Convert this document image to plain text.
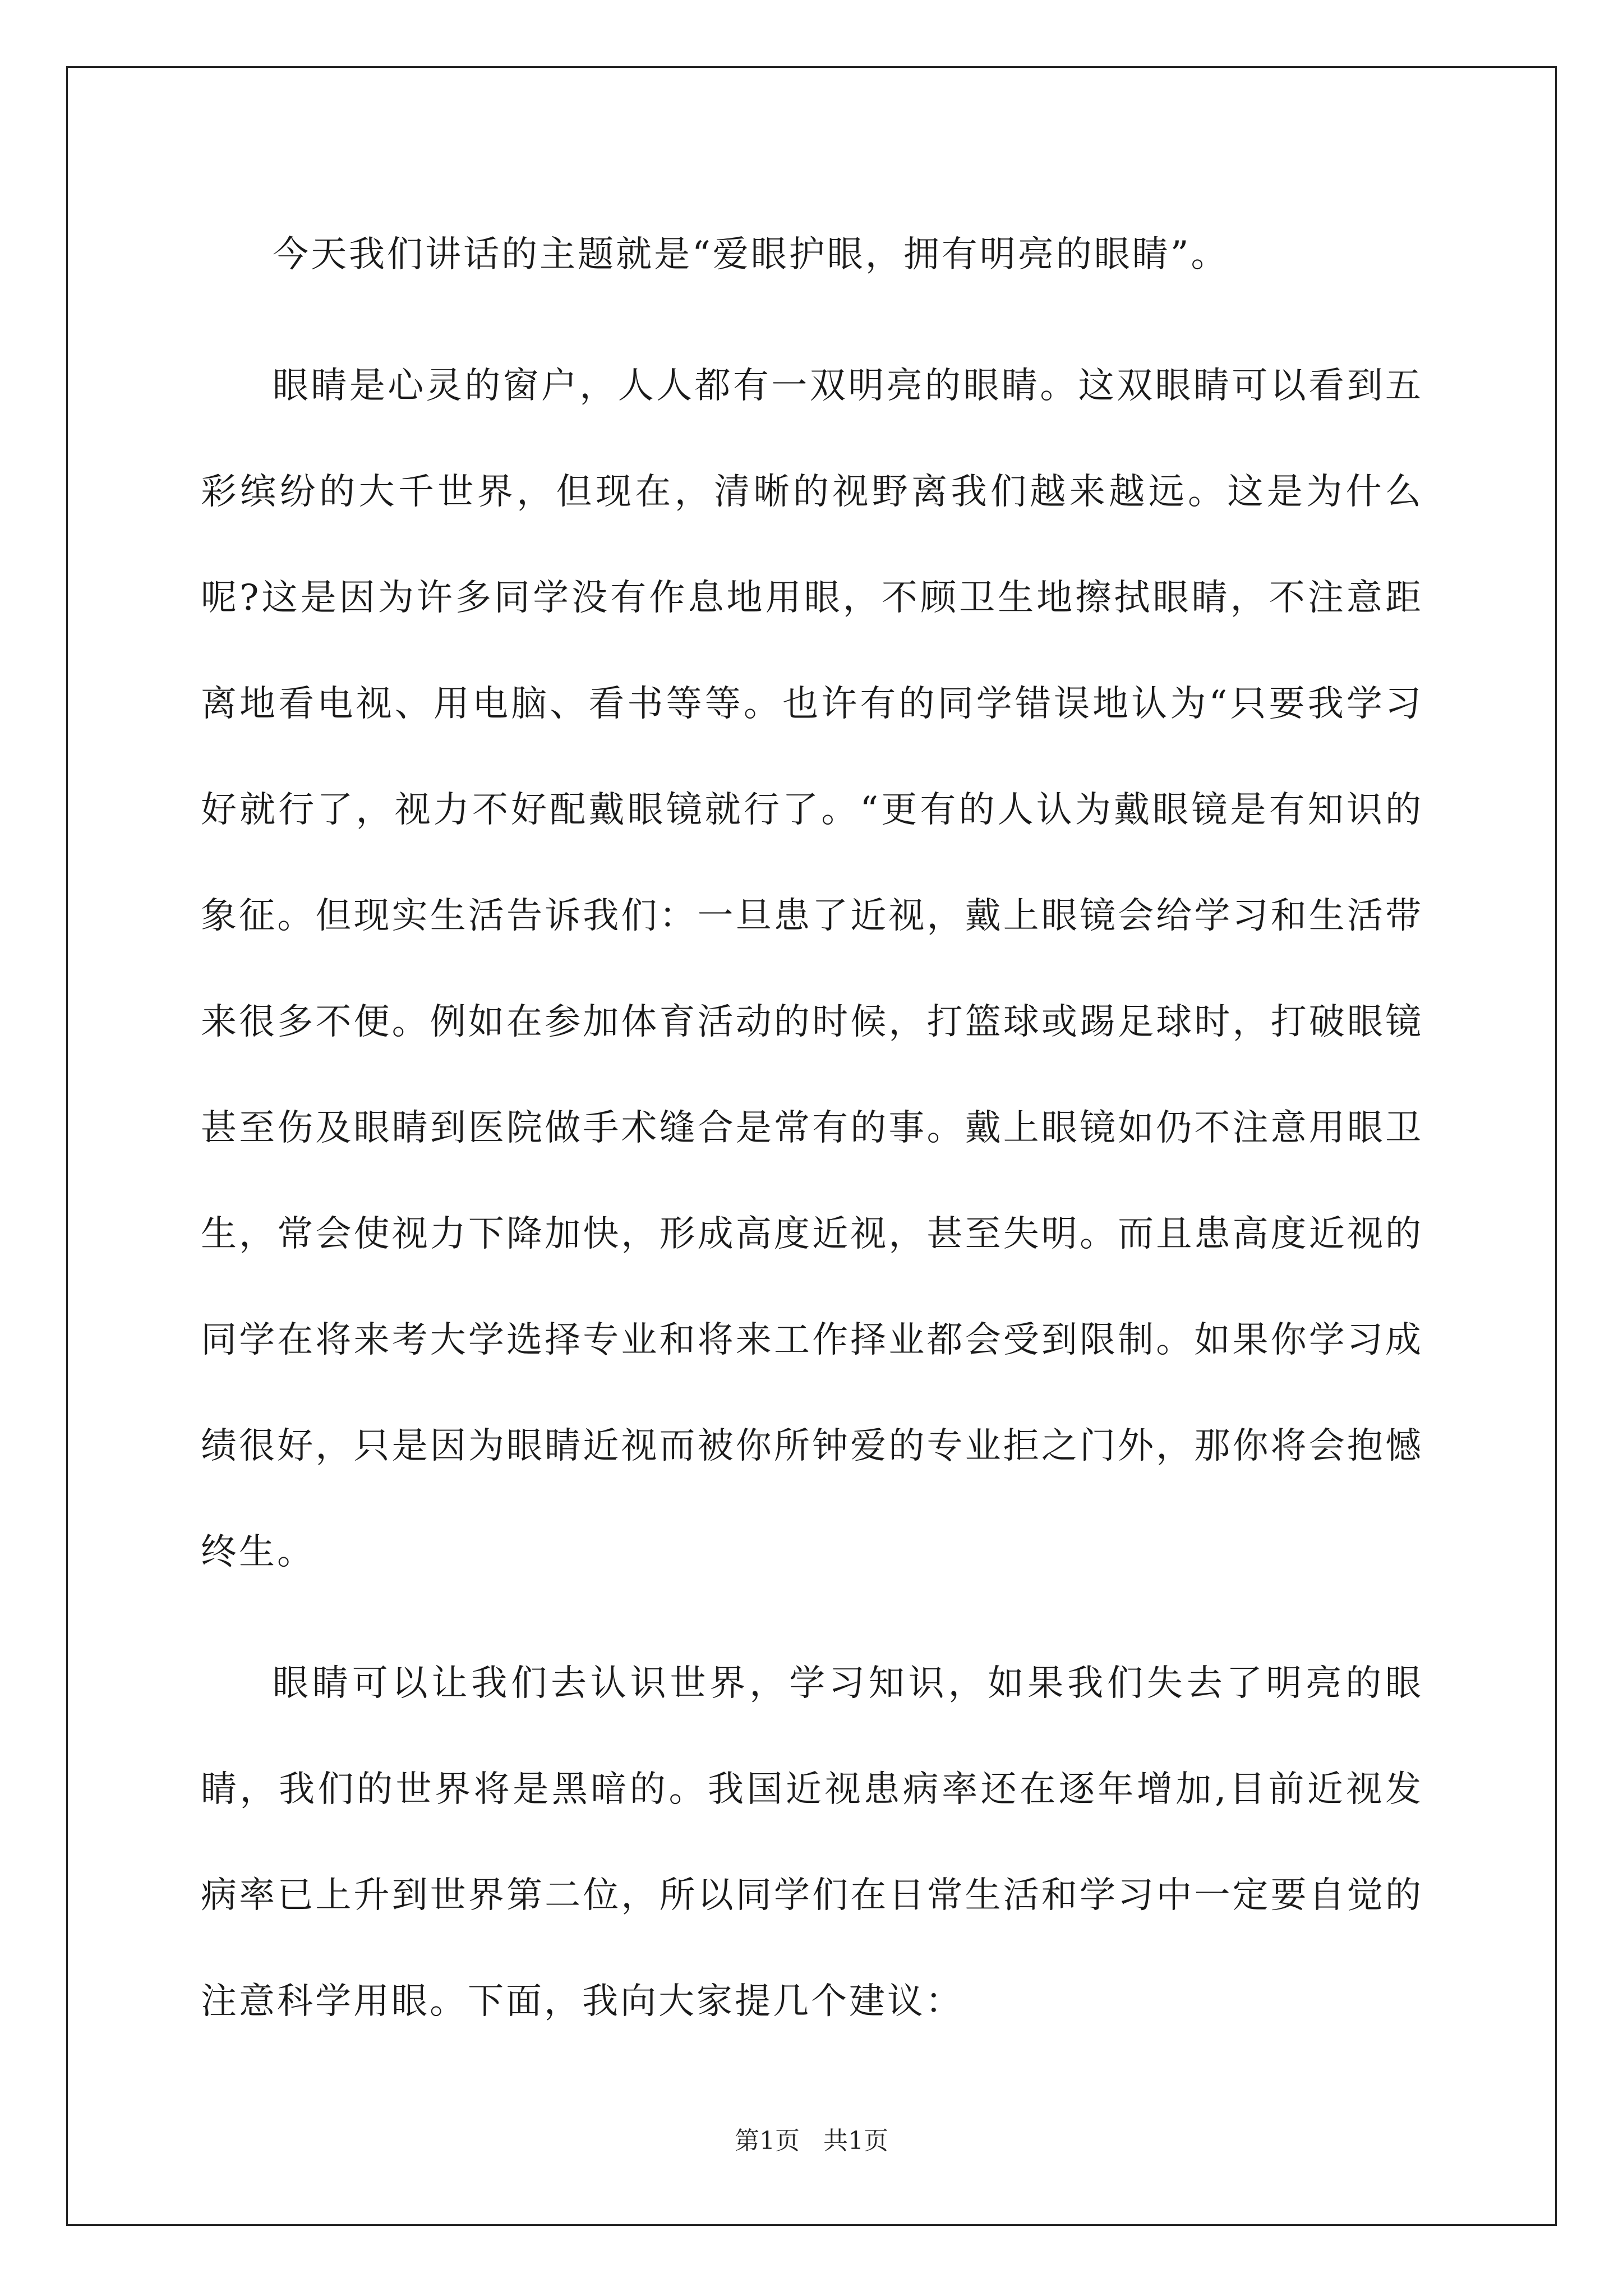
今天我们讲话的主题就是“爱眼护眼，拥有明亮的眼睛”。

眼睛是心灵的窗户，人人都有一双明亮的眼睛。这双眼睛可以看到五彩缤纷的大千世界，但现在，清晰的视野离我们越来越远。这是为什么呢?这是因为许多同学没有作息地用眼，不顾卫生地擦拭眼睛，不注意距离地看电视、用电脑、看书等等。也许有的同学错误地认为“只要我学习好就行了，视力不好配戴眼镜就行了。“更有的人认为戴眼镜是有知识的象征。但现实生活告诉我们：一旦患了近视，戴上眼镜会给学习和生活带来很多不便。例如在参加体育活动的时候，打篮球或踢足球时，打破眼镜甚至伤及眼睛到医院做手术缝合是常有的事。戴上眼镜如仍不注意用眼卫生，常会使视力下降加快，形成高度近视，甚至失明。而且患高度近视的同学在将来考大学选择专业和将来工作择业都会受到限制。如果你学习成绩很好，只是因为眼睛近视而被你所钟爱的专业拒之门外，那你将会抱憾终生。

眼睛可以让我们去认识世界，学习知识，如果我们失去了明亮的眼睛，我们的世界将是黑暗的。我国近视患病率还在逐年增加,目前近视发病率已上升到世界第二位，所以同学们在日常生活和学习中一定要自觉的注意科学用眼。下面，我向大家提几个建议：

第1页 共1页
